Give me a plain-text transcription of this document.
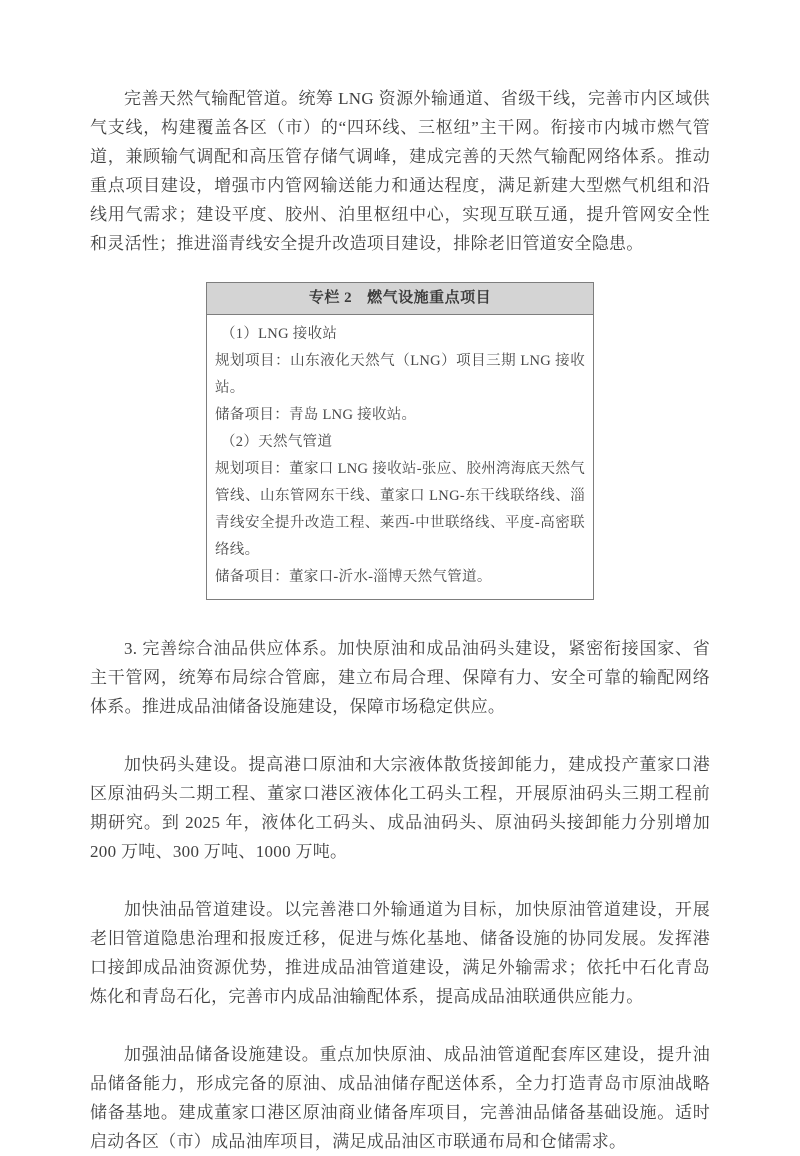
完善天然气输配管道。统筹 LNG 资源外输通道、省级干线，完善市内区域供气支线，构建覆盖各区（市）的“四环线、三枢纽”主干网。衔接市内城市燃气管道，兼顾输气调配和高压管存储气调峰，建成完善的天然气输配网络体系。推动重点项目建设，增强市内管网输送能力和通达程度，满足新建大型燃气机组和沿线用气需求；建设平度、胶州、泊里枢纽中心，实现互联互通，提升管网安全性和灵活性；推进淄青线安全提升改造项目建设，排除老旧管道安全隐患。

专栏 2 燃气设施重点项目

（1）LNG 接收站

规划项目：山东液化天然气（LNG）项目三期 LNG 接收站。

储备项目：青岛 LNG 接收站。

（2）天然气管道

规划项目：董家口 LNG 接收站-张应、胶州湾海底天然气管线、山东管网东干线、董家口 LNG-东干线联络线、淄青线安全提升改造工程、莱西-中世联络线、平度-高密联络线。

储备项目：董家口-沂水-淄博天然气管道。

3. 完善综合油品供应体系。加快原油和成品油码头建设，紧密衔接国家、省主干管网，统筹布局综合管廊，建立布局合理、保障有力、安全可靠的输配网络体系。推进成品油储备设施建设，保障市场稳定供应。

加快码头建设。提高港口原油和大宗液体散货接卸能力，建成投产董家口港区原油码头二期工程、董家口港区液体化工码头工程，开展原油码头三期工程前期研究。到 2025 年，液体化工码头、成品油码头、原油码头接卸能力分别增加 200 万吨、300 万吨、1000 万吨。

加快油品管道建设。以完善港口外输通道为目标，加快原油管道建设，开展老旧管道隐患治理和报废迁移，促进与炼化基地、储备设施的协同发展。发挥港口接卸成品油资源优势，推进成品油管道建设，满足外输需求；依托中石化青岛炼化和青岛石化，完善市内成品油输配体系，提高成品油联通供应能力。

加强油品储备设施建设。重点加快原油、成品油管道配套库区建设，提升油品储备能力，形成完备的原油、成品油储存配送体系，全力打造青岛市原油战略储备基地。建成董家口港区原油商业储备库项目，完善油品储备基础设施。适时启动各区（市）成品油库项目，满足成品油区市联通布局和仓储需求。
